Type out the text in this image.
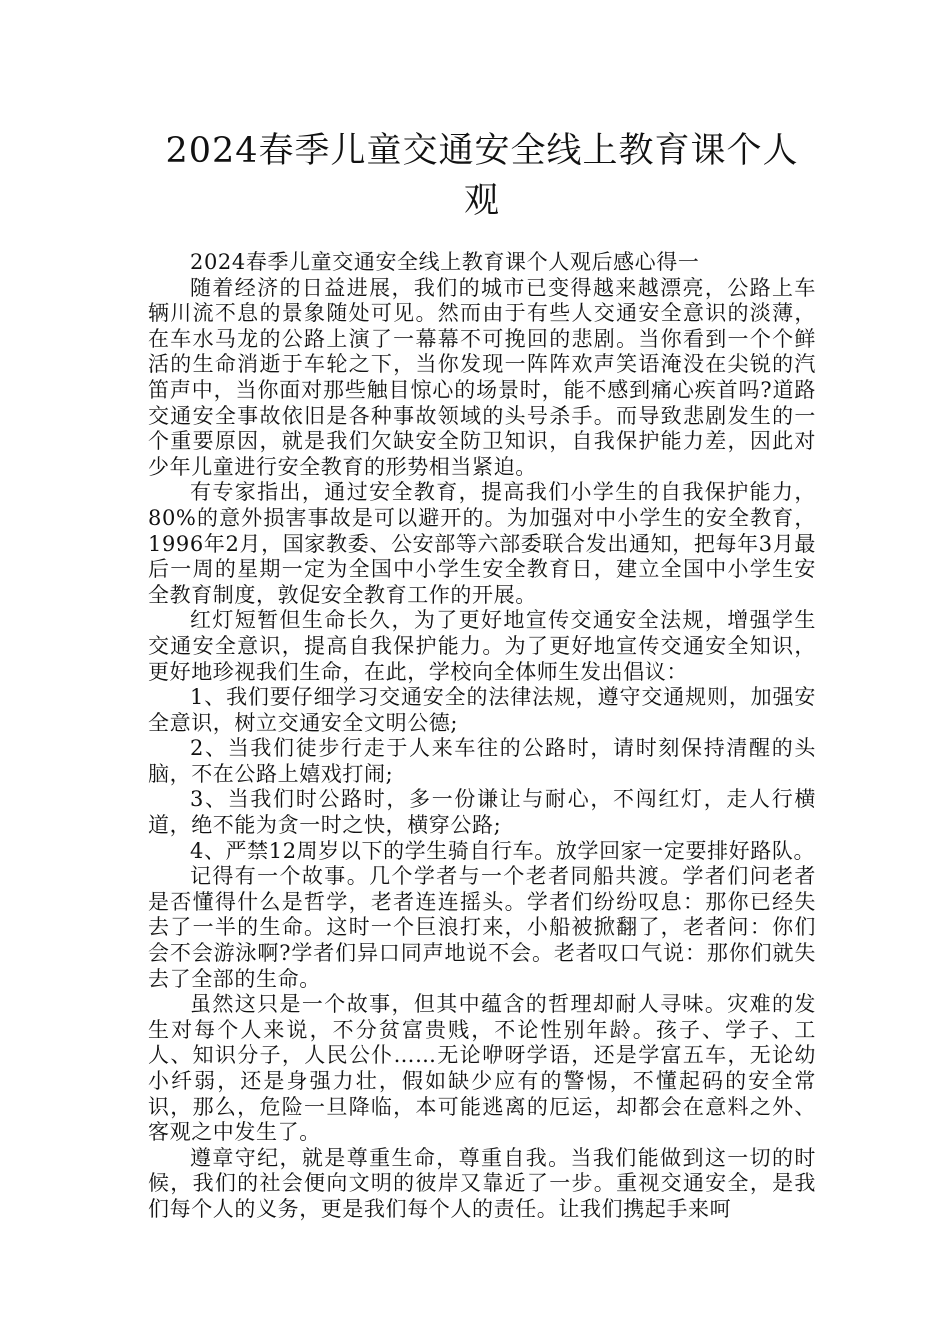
2024春季儿童交通安全线上教育课个人观

2024春季儿童交通安全线上教育课个人观后感心得一

随着经济的日益进展，我们的城市已变得越来越漂亮，公路上车辆川流不息的景象随处可见。然而由于有些人交通安全意识的淡薄，在车水马龙的公路上演了一幕幕不可挽回的悲剧。当你看到一个个鲜活的生命消逝于车轮之下，当你发现一阵阵欢声笑语淹没在尖锐的汽笛声中，当你面对那些触目惊心的场景时，能不感到痛心疾首吗?道路交通安全事故依旧是各种事故领域的头号杀手。而导致悲剧发生的一个重要原因，就是我们欠缺安全防卫知识，自我保护能力差，因此对少年儿童进行安全教育的形势相当紧迫。

有专家指出，通过安全教育，提高我们小学生的自我保护能力，80%的意外损害事故是可以避开的。为加强对中小学生的安全教育，1996年2月，国家教委、公安部等六部委联合发出通知，把每年3月最后一周的星期一定为全国中小学生安全教育日，建立全国中小学生安全教育制度，敦促安全教育工作的开展。

红灯短暂但生命长久，为了更好地宣传交通安全法规，增强学生交通安全意识，提高自我保护能力。为了更好地宣传交通安全知识，更好地珍视我们生命，在此，学校向全体师生发出倡议：

1、我们要仔细学习交通安全的法律法规，遵守交通规则，加强安全意识，树立交通安全文明公德;

2、当我们徒步行走于人来车往的公路时，请时刻保持清醒的头脑，不在公路上嬉戏打闹;

3、当我们时公路时，多一份谦让与耐心，不闯红灯，走人行横道，绝不能为贪一时之快，横穿公路;

4、严禁12周岁以下的学生骑自行车。放学回家一定要排好路队。

记得有一个故事。几个学者与一个老者同船共渡。学者们问老者是否懂得什么是哲学，老者连连摇头。学者们纷纷叹息：那你已经失去了一半的生命。这时一个巨浪打来，小船被掀翻了，老者问：你们会不会游泳啊?学者们异口同声地说不会。老者叹口气说：那你们就失去了全部的生命。

虽然这只是一个故事，但其中蕴含的哲理却耐人寻味。灾难的发生对每个人来说，不分贫富贵贱，不论性别年龄。孩子、学子、工人、知识分子，人民公仆……无论咿呀学语，还是学富五车，无论幼小纤弱，还是身强力壮，假如缺少应有的警惕，不懂起码的安全常识，那么，危险一旦降临，本可能逃离的厄运，却都会在意料之外、客观之中发生了。

遵章守纪，就是尊重生命，尊重自我。当我们能做到这一切的时候，我们的社会便向文明的彼岸又靠近了一步。重视交通安全，是我们每个人的义务，更是我们每个人的责任。让我们携起手来呵
